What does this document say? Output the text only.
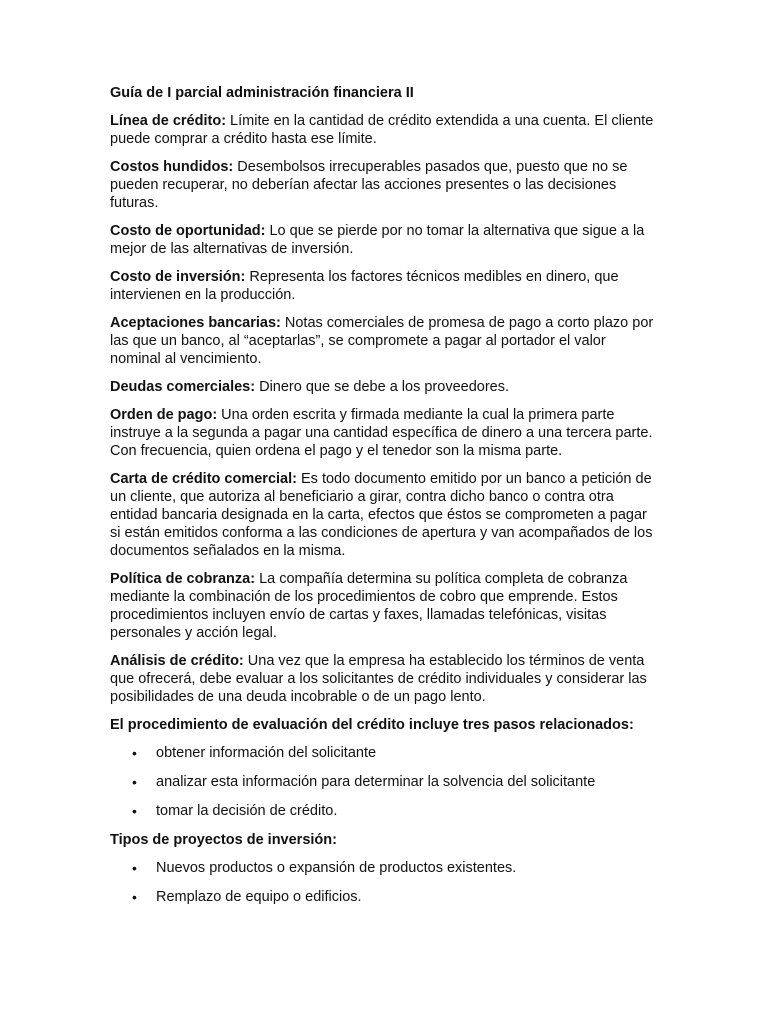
Guía de I parcial administración financiera II
Línea de crédito: Límite en la cantidad de crédito extendida a una cuenta. El cliente puede comprar a crédito hasta ese límite.
Costos hundidos: Desembolsos irrecuperables pasados que, puesto que no se pueden recuperar, no deberían afectar las acciones presentes o las decisiones futuras.
Costo de oportunidad: Lo que se pierde por no tomar la alternativa que sigue a la mejor de las alternativas de inversión.
Costo de inversión: Representa los factores técnicos medibles en dinero, que intervienen en la producción.
Aceptaciones bancarias: Notas comerciales de promesa de pago a corto plazo por las que un banco, al “aceptarlas”, se compromete a pagar al portador el valor nominal al vencimiento.
Deudas comerciales: Dinero que se debe a los proveedores.
Orden de pago: Una orden escrita y firmada mediante la cual la primera parte instruye a la segunda a pagar una cantidad específica de dinero a una tercera parte. Con frecuencia, quien ordena el pago y el tenedor son la misma parte.
Carta de crédito comercial: Es todo documento emitido por un banco a petición de un cliente, que autoriza al beneficiario a girar, contra dicho banco o contra otra entidad bancaria designada en la carta, efectos que éstos se comprometen a pagar si están emitidos conforma a las condiciones de apertura y van acompañados de los documentos señalados en la misma.
Política de cobranza: La compañía determina su política completa de cobranza mediante la combinación de los procedimientos de cobro que emprende. Estos procedimientos incluyen envío de cartas y faxes, llamadas telefónicas, visitas personales y acción legal.
Análisis de crédito: Una vez que la empresa ha establecido los términos de venta que ofrecerá, debe evaluar a los solicitantes de crédito individuales y considerar las posibilidades de una deuda incobrable o de un pago lento.
El procedimiento de evaluación del crédito incluye tres pasos relacionados:
• obtener información del solicitante
• analizar esta información para determinar la solvencia del solicitante
• tomar la decisión de crédito.
Tipos de proyectos de inversión:
• Nuevos productos o expansión de productos existentes.
• Remplazo de equipo o edificios.
